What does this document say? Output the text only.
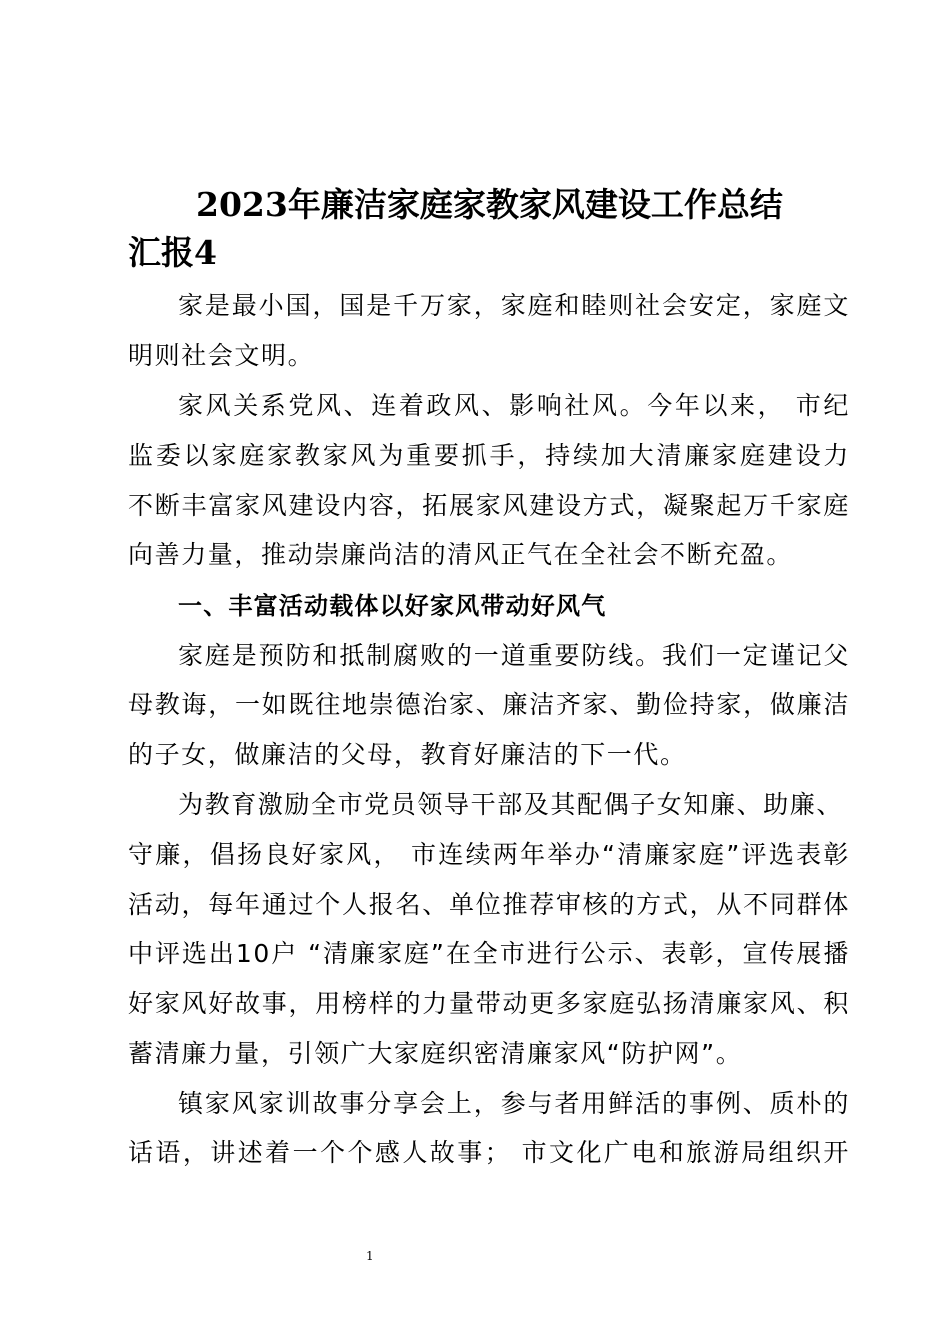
2023年廉洁家庭家教家风建设工作总结
汇报4
家是最小国，国是千万家，家庭和睦则社会安定，家庭文
明则社会文明。
家风关系党风、连着政风、影响社风。今年以来， 市纪
监委以家庭家教家风为重要抓手，持续加大清廉家庭建设力
不断丰富家风建设内容，拓展家风建设方式，凝聚起万千家庭
向善力量，推动崇廉尚洁的清风正气在全社会不断充盈。
一、丰富活动载体以好家风带动好风气
家庭是预防和抵制腐败的一道重要防线。我们一定谨记父
母教诲，一如既往地崇德治家、廉洁齐家、勤俭持家，做廉洁
的子女，做廉洁的父母，教育好廉洁的下一代。
为教育激励全市党员领导干部及其配偶子女知廉、助廉、
守廉，倡扬良好家风， 市连续两年举办“清廉家庭”评选表彰
活动，每年通过个人报名、单位推荐审核的方式，从不同群体
中评选出10户 “清廉家庭”在全市进行公示、表彰，宣传展播
好家风好故事，用榜样的力量带动更多家庭弘扬清廉家风、积
蓄清廉力量，引领广大家庭织密清廉家风“防护网”。
镇家风家训故事分享会上，参与者用鲜活的事例、质朴的
话语，讲述着一个个感人故事； 市文化广电和旅游局组织开
1
